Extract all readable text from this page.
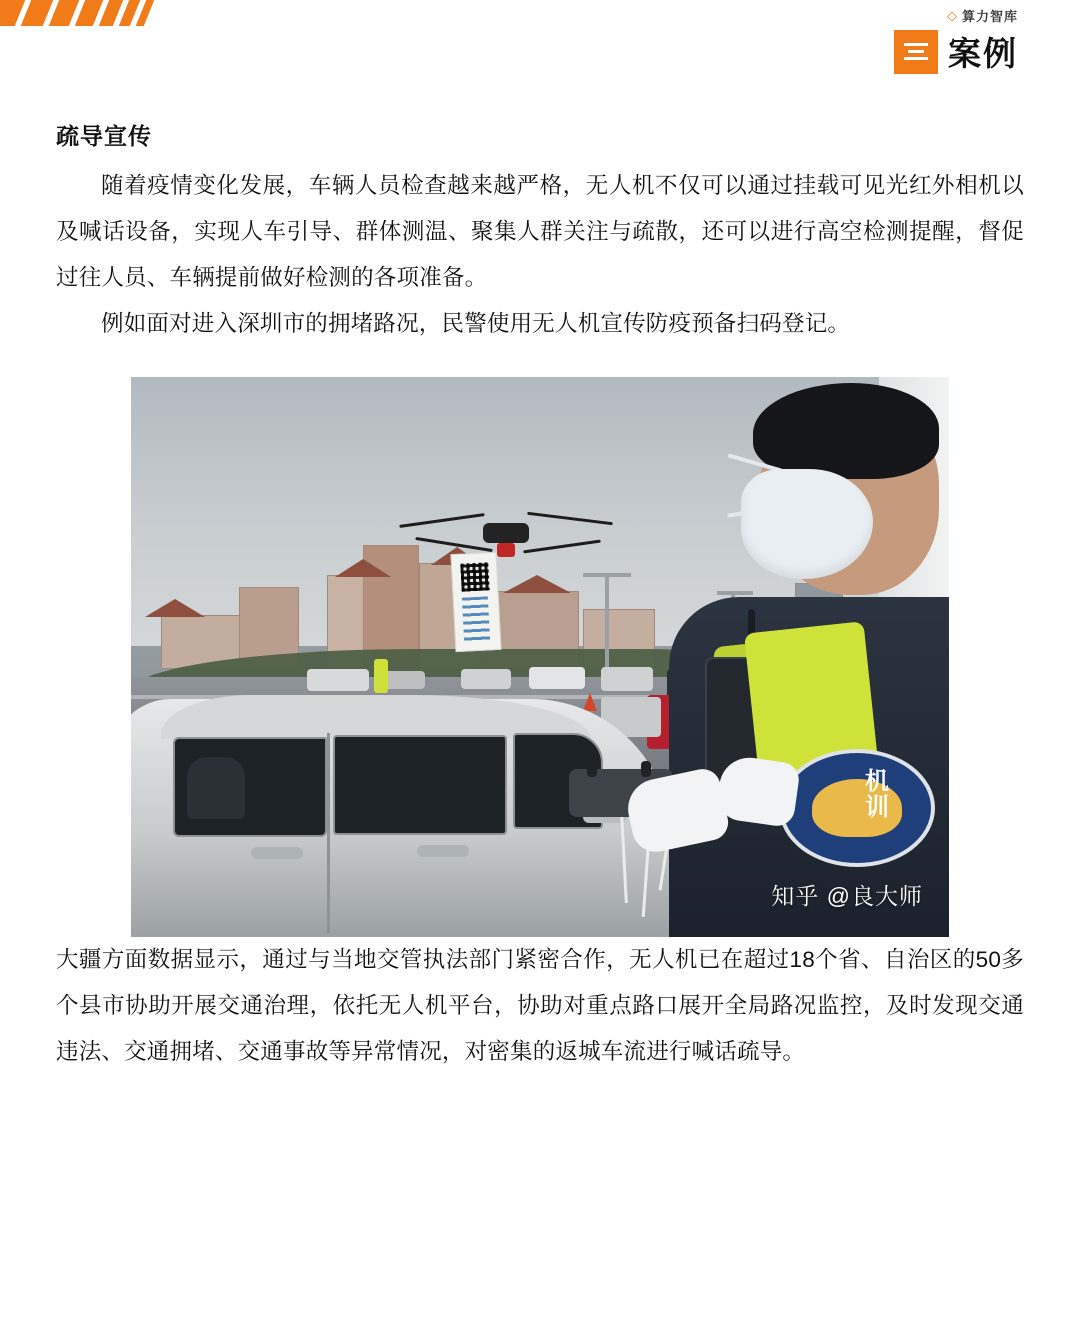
◇ 算力智库
案例
疏导宣传

随着疫情变化发展，车辆人员检查越来越严格，无人机不仅可以通过挂载可见光红外相机以及喊话设备，实现人车引导、群体测温、聚集人群关注与疏散，还可以进行高空检测提醒，督促过往人员、车辆提前做好检测的各项准备。

例如面对进入深圳市的拥堵路况，民警使用无人机宣传防疫预备扫码登记。

机
训
知乎 @良大师

大疆方面数据显示，通过与当地交管执法部门紧密合作，无人机已在超过18个省、自治区的50多个县市协助开展交通治理，依托无人机平台，协助对重点路口展开全局路况监控，及时发现交通违法、交通拥堵、交通事故等异常情况，对密集的返城车流进行喊话疏导。
